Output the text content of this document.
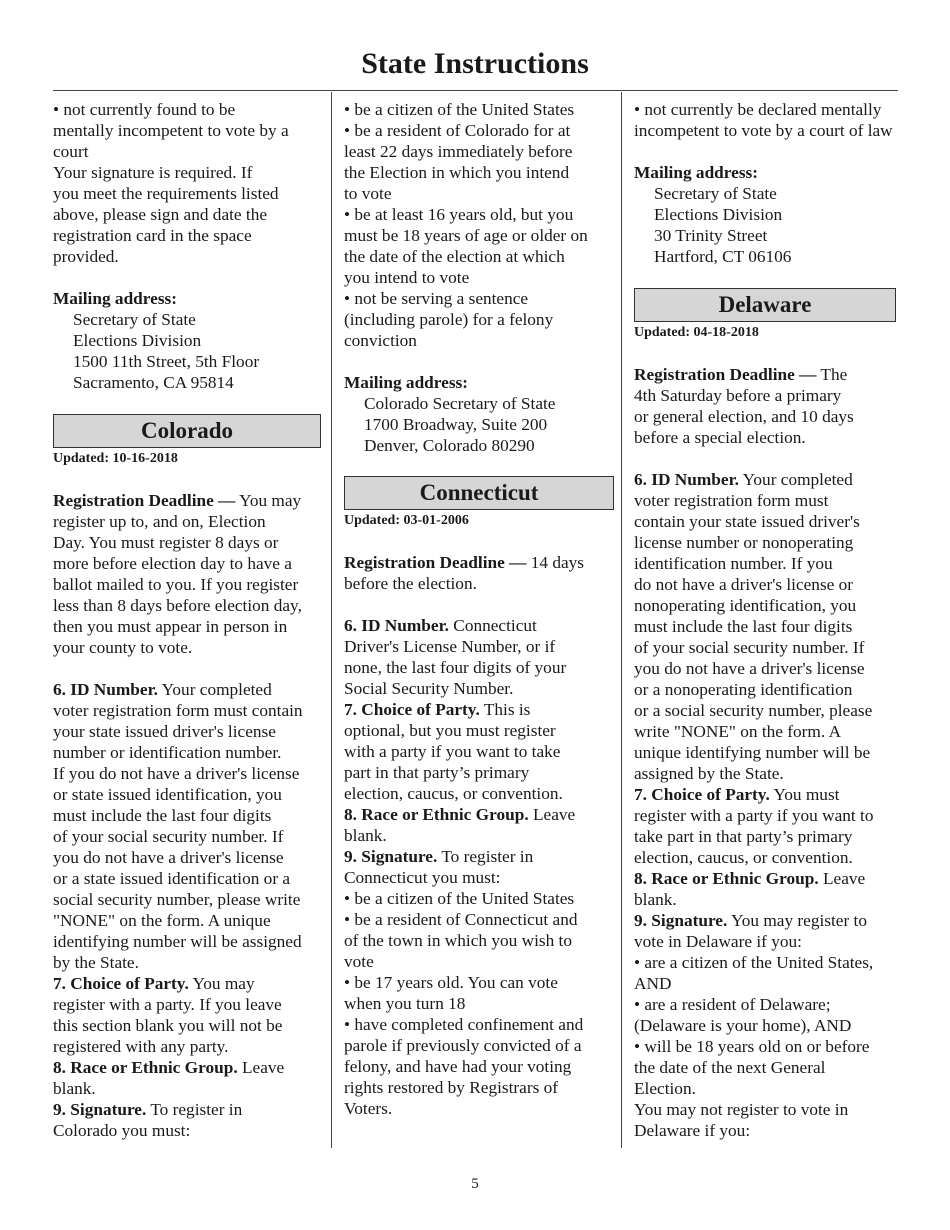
State Instructions

• not currently found to be

mentally incompetent to vote by a

court

Your signature is required. If

you meet the requirements listed

above, please sign and date the

registration card in the space

provided.

Mailing address:

Secretary of State

Elections Division

1500 11th Street, 5th Floor

Sacramento, CA 95814

Colorado

Updated: 10-16-2018

Registration Deadline — You may

register up to, and on, Election

Day. You must register 8 days or

more before election day to have a

ballot mailed to you. If you register

less than 8 days before election day,

then you must appear in person in

your county to vote.

6. ID Number. Your completed

voter registration form must contain

your state issued driver's license

number or identification number.

If you do not have a driver's license

or state issued identification, you

must include the last four digits

of your social security number. If

you do not have a driver's license

or a state issued identification or a

social security number, please write

"NONE" on the form. A unique

identifying number will be assigned

by the State.

7. Choice of Party. You may

register with a party. If you leave

this section blank you will not be

registered with any party.

8. Race or Ethnic Group. Leave

blank.

9. Signature. To register in

Colorado you must:

• be a citizen of the United States

• be a resident of Colorado for at

least 22 days immediately before

the Election in which you intend

to vote

• be at least 16 years old, but you

must be 18 years of age or older on

the date of the election at which

you intend to vote

• not be serving a sentence

(including parole) for a felony

conviction

Mailing address:

Colorado Secretary of State

1700 Broadway, Suite 200

Denver, Colorado 80290

Connecticut

Updated: 03-01-2006

Registration Deadline — 14 days

before the election.

6. ID Number. Connecticut

Driver's License Number, or if

none, the last four digits of your

Social Security Number.

7. Choice of Party. This is

optional, but you must register

with a party if you want to take

part in that party’s primary

election, caucus, or convention.

8. Race or Ethnic Group. Leave

blank.

9. Signature. To register in

Connecticut you must:

• be a citizen of the United States

• be a resident of Connecticut and

of the town in which you wish to

vote

• be 17 years old. You can vote

when you turn 18

• have completed confinement and

parole if previously convicted of a

felony, and have had your voting

rights restored by Registrars of

Voters.

• not currently be declared mentally

incompetent to vote by a court of law

Mailing address:

Secretary of State

Elections Division

30 Trinity Street

Hartford, CT 06106

Delaware

Updated: 04-18-2018

Registration Deadline — The

4th Saturday before a primary

or general election, and 10 days

before a special election.

6. ID Number. Your completed

voter registration form must

contain your state issued driver's

license number or nonoperating

identification number. If you

do not have a driver's license or

nonoperating identification, you

must include the last four digits

of your social security number. If

you do not have a driver's license

or a nonoperating identification

or a social security number, please

write "NONE" on the form. A

unique identifying number will be

assigned by the State.

7. Choice of Party. You must

register with a party if you want to

take part in that party’s primary

election, caucus, or convention.

8. Race or Ethnic Group. Leave

blank.

9. Signature. You may register to

vote in Delaware if you:

• are a citizen of the United States,

AND

• are a resident of Delaware;

(Delaware is your home), AND

• will be 18 years old on or before

the date of the next General

Election.

You may not register to vote in

Delaware if you:

5
